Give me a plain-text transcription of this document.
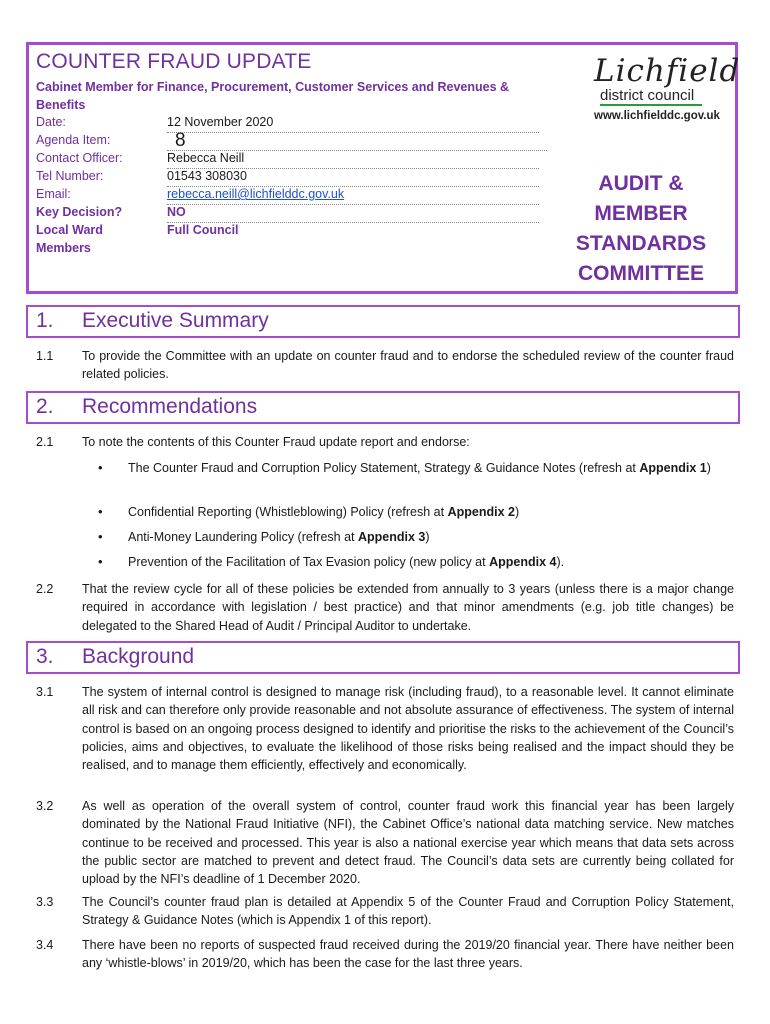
COUNTER FRAUD UPDATE
Cabinet Member for Finance, Procurement, Customer Services and Revenues & Benefits
Date:	12 November 2020
Agenda Item:	8
Contact Officer:	Rebecca Neill
Tel Number:	01543 308030
Email:	rebecca.neill@lichfielddc.gov.uk
Key Decision?	NO
Local Ward	Full Council
Members
Lichfield
district council
www.lichfielddc.gov.uk
AUDIT & MEMBER STANDARDS COMMITTEE
1. Executive Summary
1.1 To provide the Committee with an update on counter fraud and to endorse the scheduled review of the counter fraud related policies.
2. Recommendations
2.1 To note the contents of this Counter Fraud update report and endorse:
• The Counter Fraud and Corruption Policy Statement, Strategy & Guidance Notes (refresh at Appendix 1)
• Confidential Reporting (Whistleblowing) Policy (refresh at Appendix 2)
• Anti-Money Laundering Policy (refresh at Appendix 3)
• Prevention of the Facilitation of Tax Evasion policy (new policy at Appendix 4).
2.2 That the review cycle for all of these policies be extended from annually to 3 years (unless there is a major change required in accordance with legislation / best practice) and that minor amendments (e.g. job title changes) be delegated to the Shared Head of Audit / Principal Auditor to undertake.
3. Background
3.1 The system of internal control is designed to manage risk (including fraud), to a reasonable level. It cannot eliminate all risk and can therefore only provide reasonable and not absolute assurance of effectiveness. The system of internal control is based on an ongoing process designed to identify and prioritise the risks to the achievement of the Council’s policies, aims and objectives, to evaluate the likelihood of those risks being realised and the impact should they be realised, and to manage them efficiently, effectively and economically.
3.2 As well as operation of the overall system of control, counter fraud work this financial year has been largely dominated by the National Fraud Initiative (NFI), the Cabinet Office’s national data matching service. New matches continue to be received and processed. This year is also a national exercise year which means that data sets across the public sector are matched to prevent and detect fraud. The Council’s data sets are currently being collated for upload by the NFI’s deadline of 1 December 2020.
3.3 The Council’s counter fraud plan is detailed at Appendix 5 of the Counter Fraud and Corruption Policy Statement, Strategy & Guidance Notes (which is Appendix 1 of this report).
3.4 There have been no reports of suspected fraud received during the 2019/20 financial year. There have neither been any ‘whistle-blows’ in 2019/20, which has been the case for the last three years.
